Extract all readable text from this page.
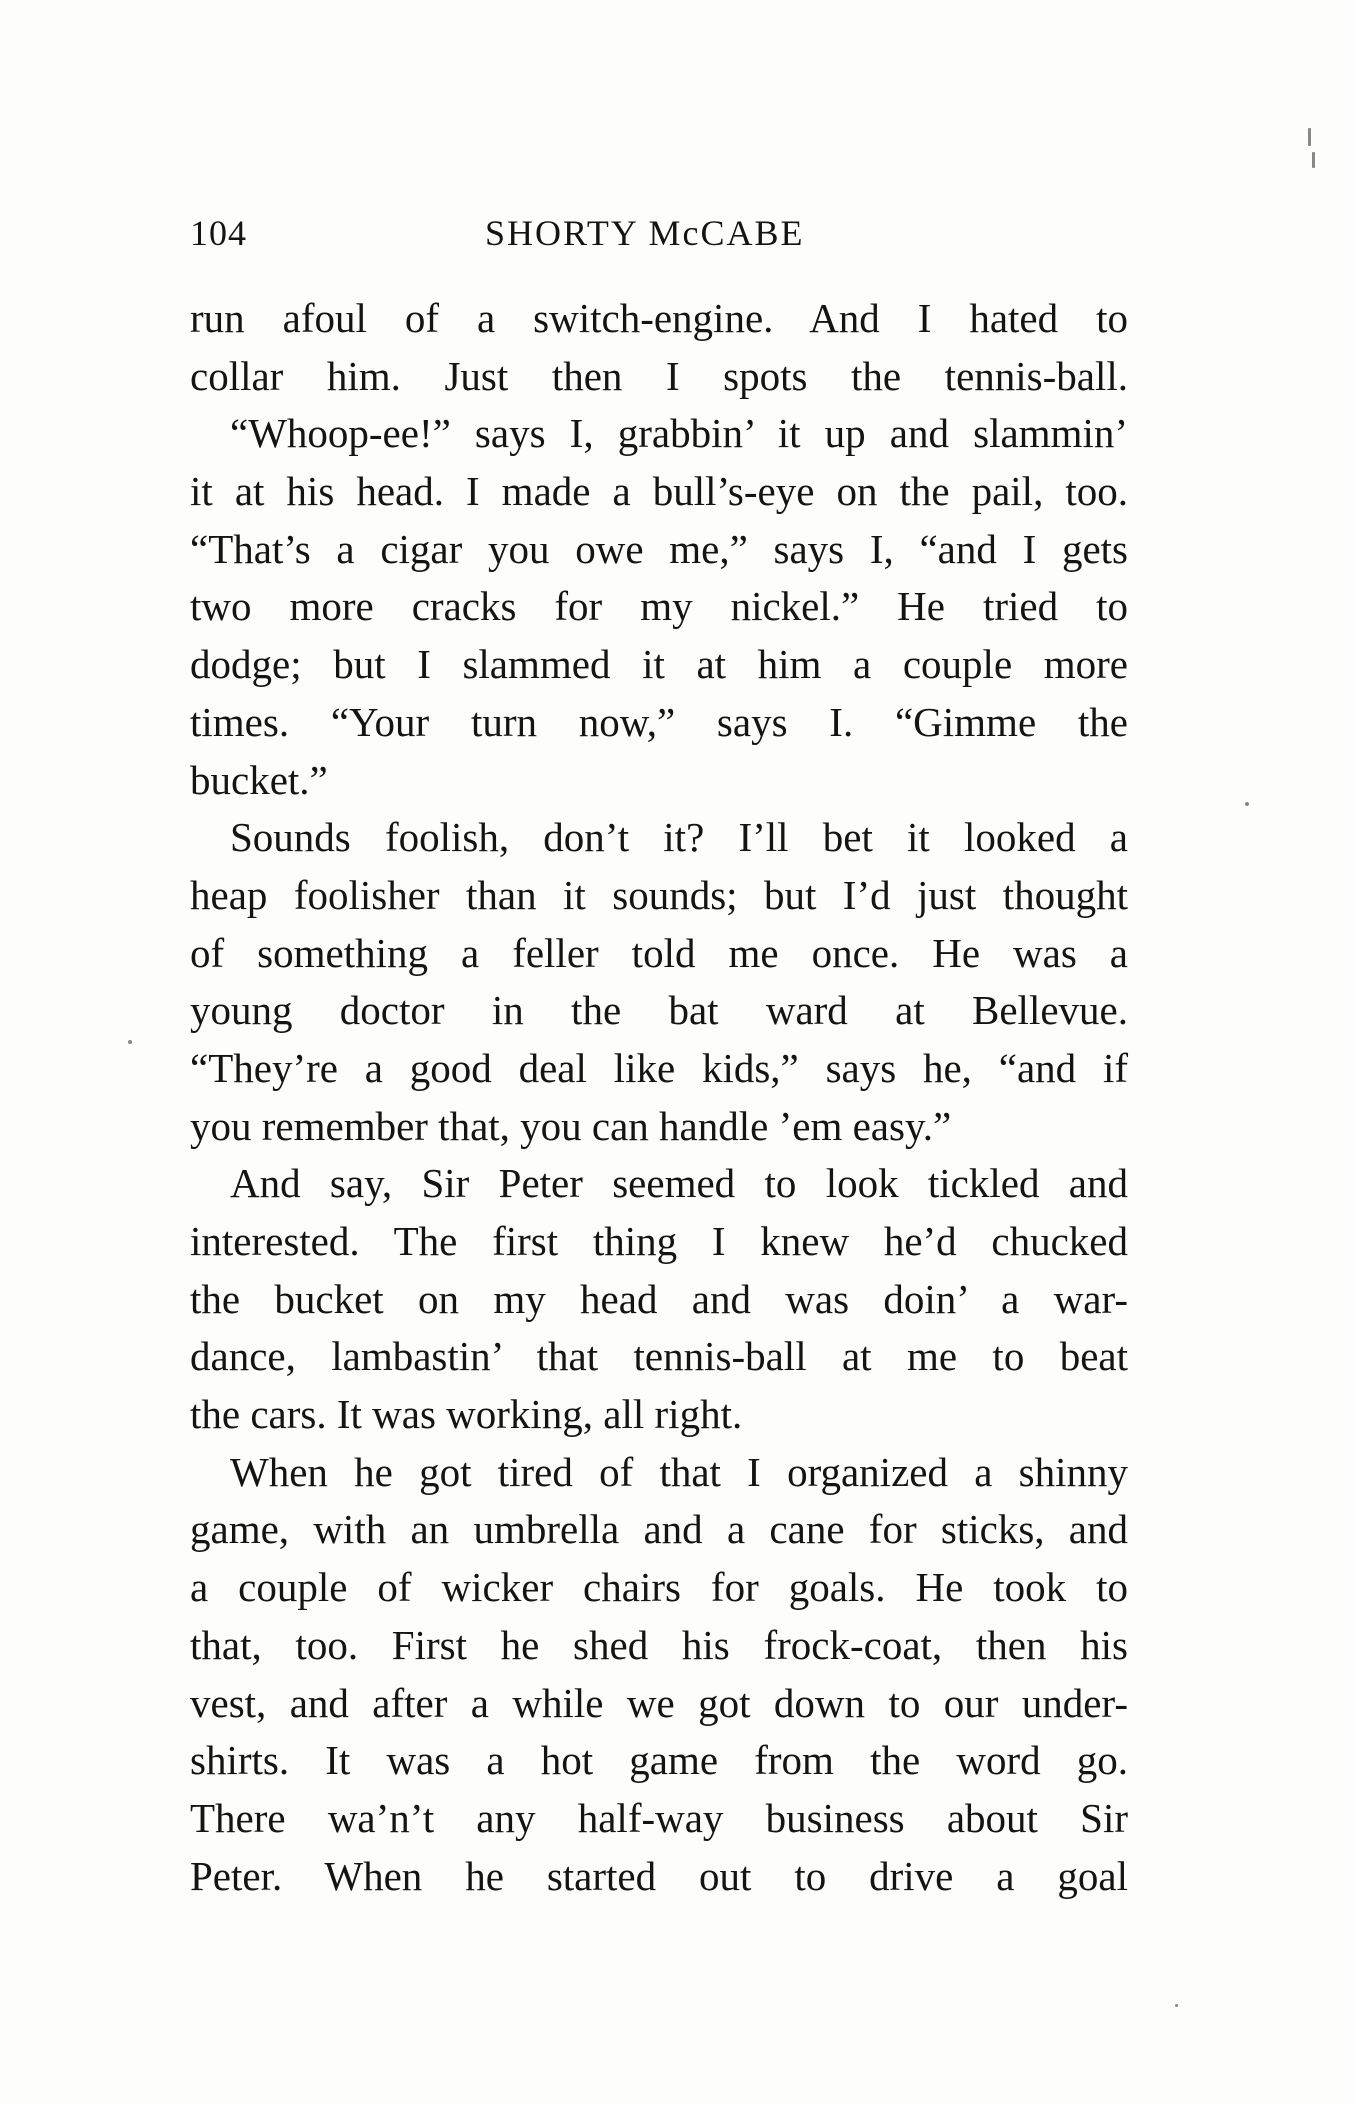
104	SHORTY McCABE
run afoul of a switch-engine. And I hated to
collar him. Just then I spots the tennis-ball.
“Whoop-ee!” says I, grabbin’ it up and slammin’
it at his head. I made a bull’s-eye on the pail, too.
“That’s a cigar you owe me,” says I, “and I gets
two more cracks for my nickel.” He tried to
dodge; but I slammed it at him a couple more
times. “Your turn now,” says I. “Gimme the
bucket.”
Sounds foolish, don’t it? I’ll bet it looked a
heap foolisher than it sounds; but I’d just thought
of something a feller told me once. He was a
young doctor in the bat ward at Bellevue.
“They’re a good deal like kids,” says he, “and if
you remember that, you can handle ’em easy.”
And say, Sir Peter seemed to look tickled and
interested. The first thing I knew he’d chucked
the bucket on my head and was doin’ a war-
dance, lambastin’ that tennis-ball at me to beat
the cars. It was working, all right.
When he got tired of that I organized a shinny
game, with an umbrella and a cane for sticks, and
a couple of wicker chairs for goals. He took to
that, too. First he shed his frock-coat, then his
vest, and after a while we got down to our under-
shirts. It was a hot game from the word go.
There wa’n’t any half-way business about Sir
Peter. When he started out to drive a goal
